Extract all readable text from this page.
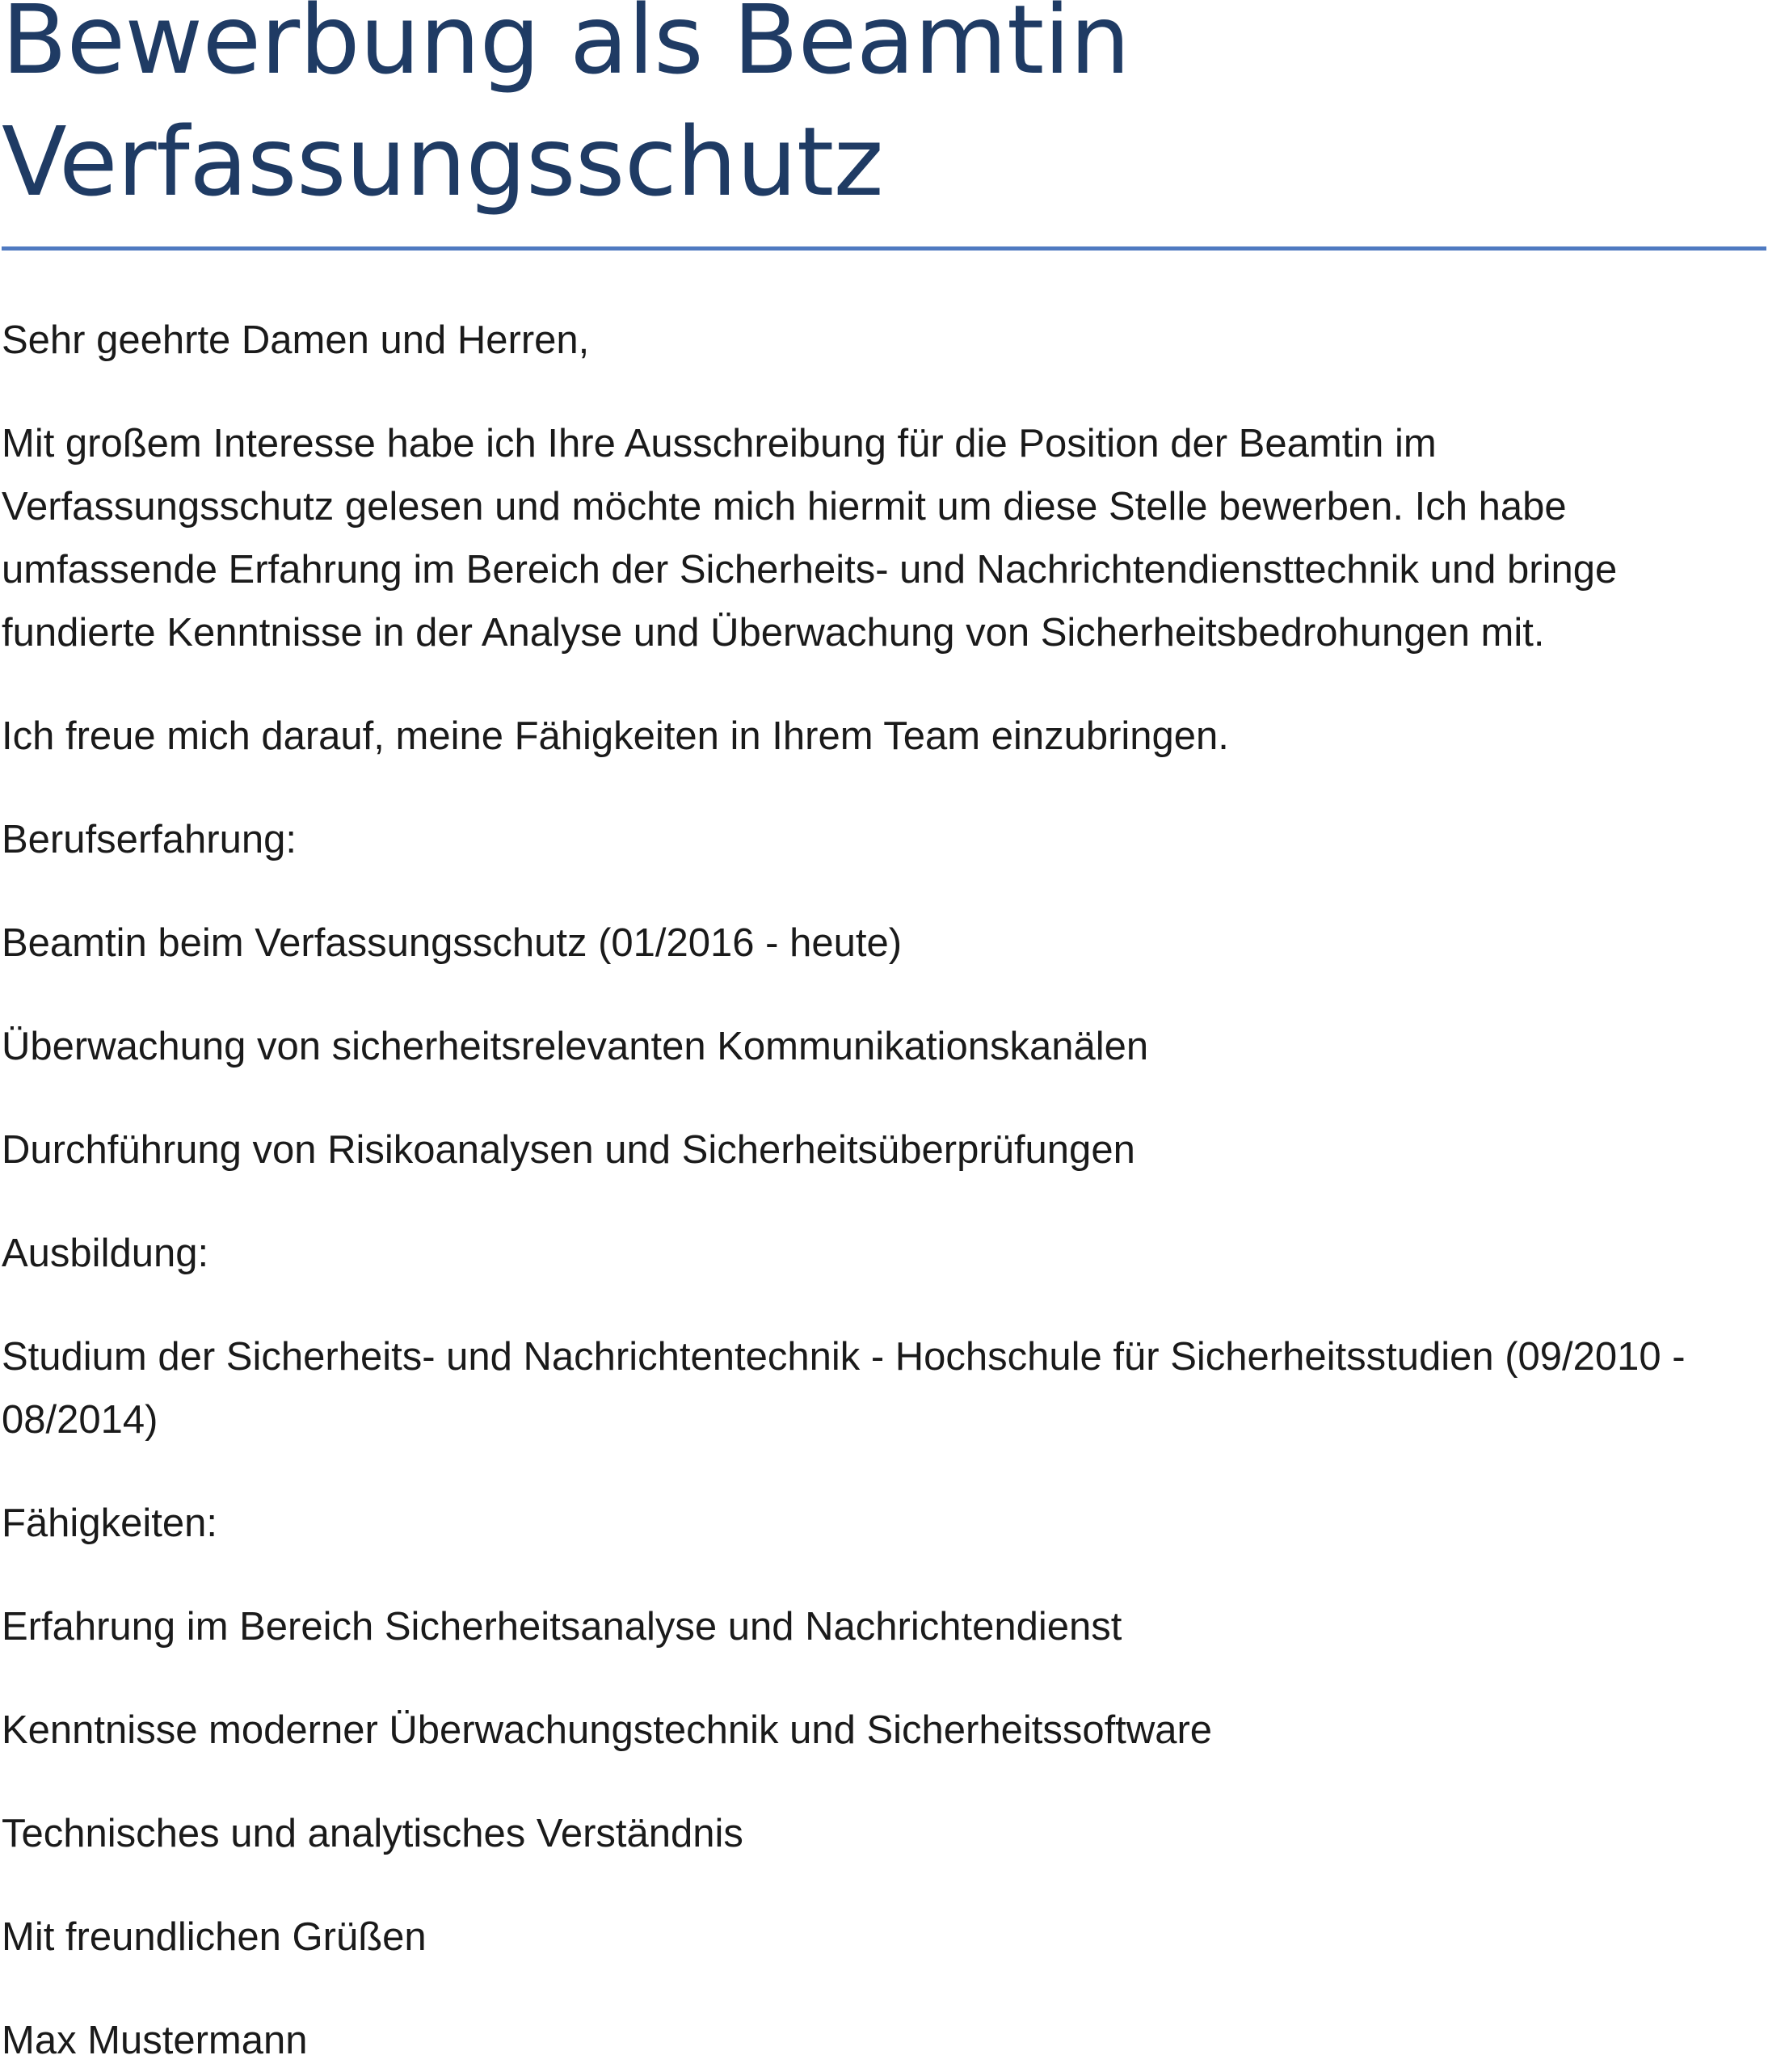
Bewerbung als Beamtin
Verfassungsschutz

Sehr geehrte Damen und Herren,

Mit großem Interesse habe ich Ihre Ausschreibung für die Position der Beamtin im
Verfassungsschutz gelesen und möchte mich hiermit um diese Stelle bewerben. Ich habe
umfassende Erfahrung im Bereich der Sicherheits- und Nachrichtendiensttechnik und bringe
fundierte Kenntnisse in der Analyse und Überwachung von Sicherheitsbedrohungen mit.

Ich freue mich darauf, meine Fähigkeiten in Ihrem Team einzubringen.

Berufserfahrung:

Beamtin beim Verfassungsschutz (01/2016 - heute)

Überwachung von sicherheitsrelevanten Kommunikationskanälen

Durchführung von Risikoanalysen und Sicherheitsüberprüfungen

Ausbildung:

Studium der Sicherheits- und Nachrichtentechnik - Hochschule für Sicherheitsstudien (09/2010 -
08/2014)

Fähigkeiten:

Erfahrung im Bereich Sicherheitsanalyse und Nachrichtendienst

Kenntnisse moderner Überwachungstechnik und Sicherheitssoftware

Technisches und analytisches Verständnis

Mit freundlichen Grüßen

Max Mustermann
